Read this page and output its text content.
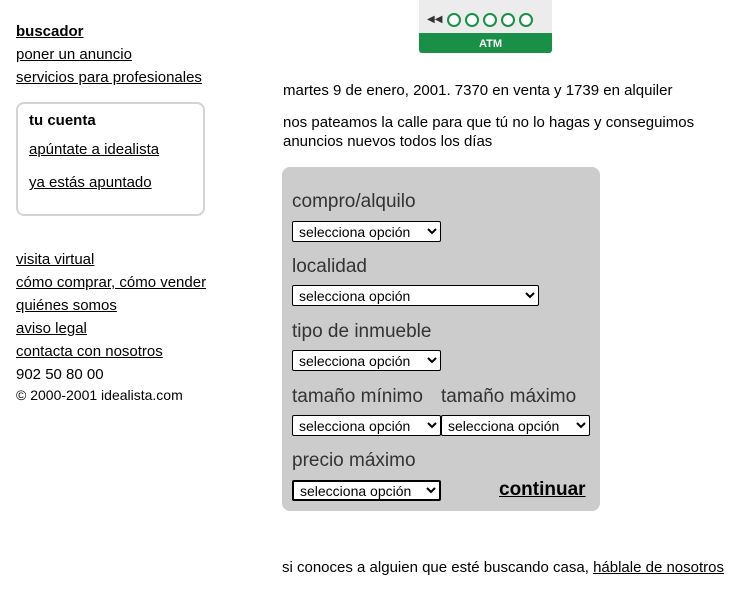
buscador
poner un anuncio
servicios para profesionales
tu cuenta
apúntate a idealista
ya estás apuntado
visita virtual
cómo comprar, cómo vender
quiénes somos
aviso legal
contacta con nosotros
902 50 80 00
© 2000-2001 idealista.com
◀◀
ATM
martes 9 de enero, 2001. 7370 en venta y 1739 en alquiler
nos pateamos la calle para que tú no lo hagas y conseguimos anuncios nuevos todos los días
compro/alquilo
selecciona opción
localidad
selecciona opción
tipo de inmueble
selecciona opción
tamaño mínimo tamaño máximo
selecciona opción
selecciona opción
precio máximo
selecciona opción
continuar
si conoces a alguien que esté buscando casa, háblale de nosotros
